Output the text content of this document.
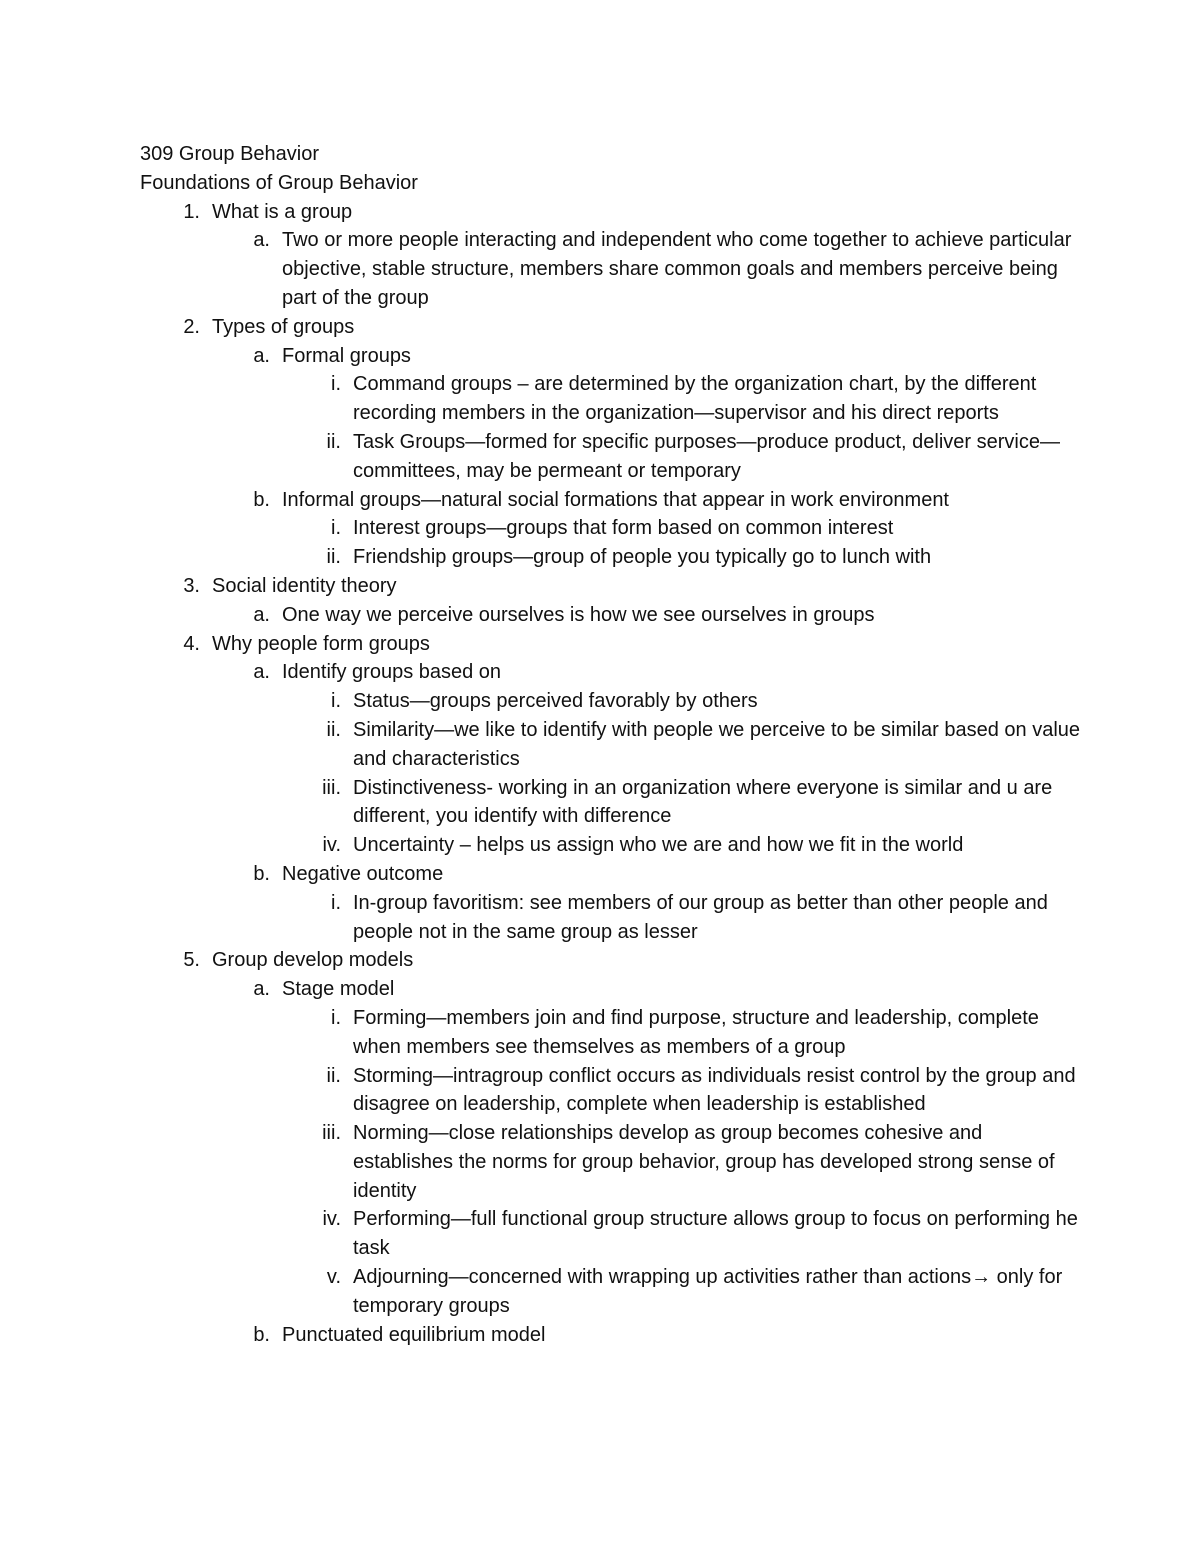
309 Group Behavior

Foundations of Group Behavior

1. What is a group
a. Two or more people interacting and independent who come together to achieve particular objective, stable structure, members share common goals and members perceive being part of the group
2. Types of groups
a. Formal groups
i. Command groups – are determined by the organization chart, by the different recording members in the organization—supervisor and his direct reports
ii. Task Groups—formed for specific purposes—produce product, deliver service—committees, may be permeant or temporary
b. Informal groups—natural social formations that appear in work environment
i. Interest groups—groups that form based on common interest
ii. Friendship groups—group of people you typically go to lunch with
3. Social identity theory
a. One way we perceive ourselves is how we see ourselves in groups
4. Why people form groups
a. Identify groups based on
i. Status—groups perceived favorably by others
ii. Similarity—we like to identify with people we perceive to be similar based on value and characteristics
iii. Distinctiveness- working in an organization where everyone is similar and u are different, you identify with difference
iv. Uncertainty – helps us assign who we are and how we fit in the world
b. Negative outcome
i. In-group favoritism: see members of our group as better than other people and people not in the same group as lesser
5. Group develop models
a. Stage model
i. Forming—members join and find purpose, structure and leadership, complete when members see themselves as members of a group
ii. Storming—intragroup conflict occurs as individuals resist control by the group and disagree on leadership, complete when leadership is established
iii. Norming—close relationships develop as group becomes cohesive and establishes the norms for group behavior, group has developed strong sense of identity
iv. Performing—full functional group structure allows group to focus on performing he task
v. Adjourning—concerned with wrapping up activities rather than actions→ only for temporary groups
b. Punctuated equilibrium model
